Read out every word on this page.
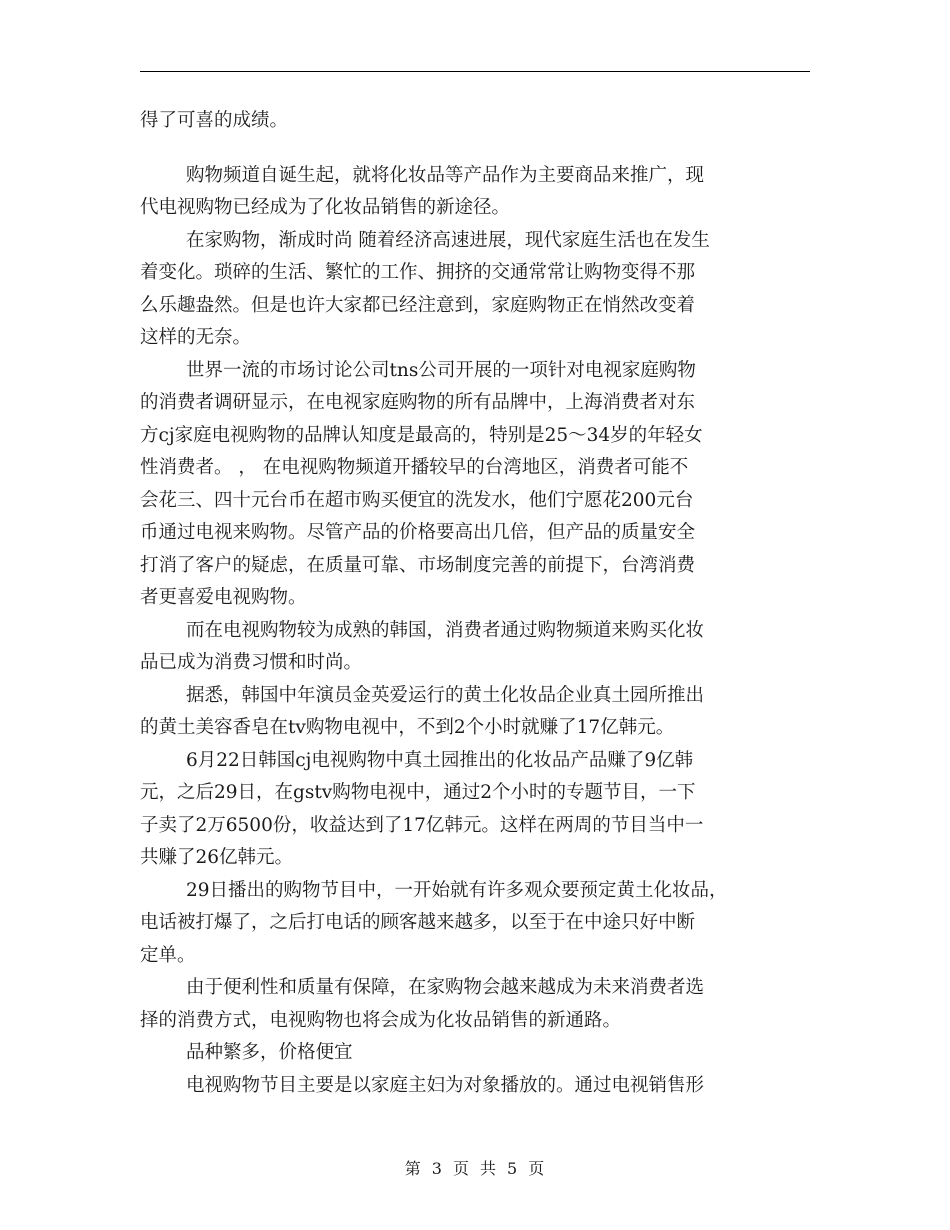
得了可喜的成绩。
购物频道自诞生起，就将化妆品等产品作为主要商品来推广，现
代电视购物已经成为了化妆品销售的新途径。
在家购物，渐成时尚 随着经济高速进展，现代家庭生活也在发生
着变化。琐碎的生活、繁忙的工作、拥挤的交通常常让购物变得不那
么乐趣盎然。但是也许大家都已经注意到，家庭购物正在悄然改变着
这样的无奈。
世界一流的市场讨论公司tns公司开展的一项针对电视家庭购物
的消费者调研显示，在电视家庭购物的所有品牌中，上海消费者对东
方cj家庭电视购物的品牌认知度是最高的，特别是25～34岁的年轻女
性消费者。 ， 在电视购物频道开播较早的台湾地区，消费者可能不
会花三、四十元台币在超市购买便宜的洗发水，他们宁愿花200元台
币通过电视来购物。尽管产品的价格要高出几倍，但产品的质量安全
打消了客户的疑虑，在质量可靠、市场制度完善的前提下，台湾消费
者更喜爱电视购物。
而在电视购物较为成熟的韩国，消费者通过购物频道来购买化妆
品已成为消费习惯和时尚。
据悉，韩国中年演员金英爱运行的黄土化妆品企业真土园所推出
的黄土美容香皂在tv购物电视中，不到2个小时就赚了17亿韩元。
6月22日韩国cj电视购物中真土园推出的化妆品产品赚了9亿韩
元，之后29日，在gstv购物电视中，通过2个小时的专题节目，一下
子卖了2万6500份，收益达到了17亿韩元。这样在两周的节目当中一
共赚了26亿韩元。
29日播出的购物节目中，一开始就有许多观众要预定黄土化妆品，
电话被打爆了，之后打电话的顾客越来越多，以至于在中途只好中断
定单。
由于便利性和质量有保障，在家购物会越来越成为未来消费者选
择的消费方式，电视购物也将会成为化妆品销售的新通路。
品种繁多，价格便宜
电视购物节目主要是以家庭主妇为对象播放的。通过电视销售形
第 3 页 共 5 页
